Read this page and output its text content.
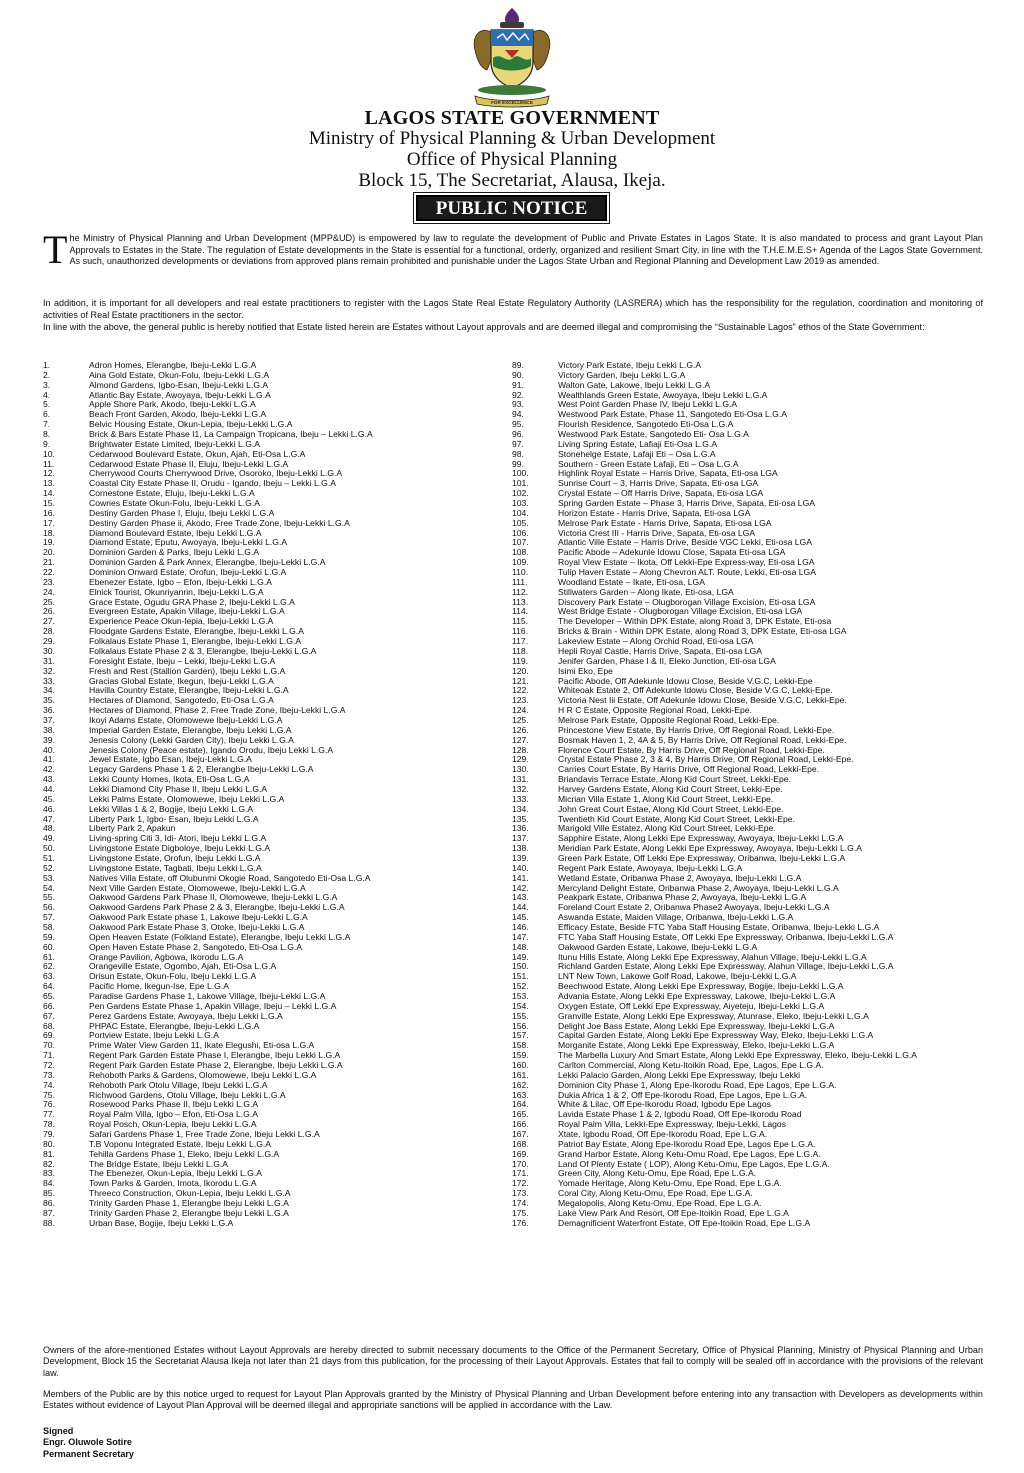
FOR EXCELLENCE
LAGOS STATE GOVERNMENT
Ministry of Physical Planning & Urban Development
Office of Physical Planning
Block 15, The Secretariat, Alausa, Ikeja.
PUBLIC NOTICE
The Ministry of Physical Planning and Urban Development (MPP&UD) is empowered by law to regulate the development of Public and Private Estates in Lagos State. It is also mandated to process and grant Layout Plan Approvals to Estates in the State. The regulation of Estate developments in the State is essential for a functional, orderly, organized and resilient Smart City, in line with the T.H.E.M.E.S+ Agenda of the Lagos State Government. As such, unauthorized developments or deviations from approved plans remain prohibited and punishable under the Lagos State Urban and Regional Planning and Development Law 2019 as amended.
In addition, it is important for all developers and real estate practitioners to register with the Lagos State Real Estate Regulatory Authority (LASRERA) which has the responsibility for the regulation, coordination and monitoring of activities of Real Estate practitioners in the sector.
In line with the above, the general public is hereby notified that Estate listed herein are Estates without Layout approvals and are deemed illegal and compromising the “Sustainable Lagos” ethos of the State Government:
1.	Adron Homes, Elerangbe, Ibeju-Lekki L.G.A
2.	Aina Gold Estate, Okun-Folu, Ibeju-Lekki L.G.A
3.	Almond Gardens, Igbo-Esan, Ibeju-Lekki L.G.A
4.	Atlantic Bay Estate, Awoyaya, Ibeju-Lekki L.G.A
5.	Apple Shore Park, Akodo, Ibeju-Lekki L.G.A
6.	Beach Front Garden, Akodo, Ibeju-Lekki L.G.A
7.	Belvic Housing Estate, Okun-Lepia, Ibeju-Lekki L.G.A
8.	Brick & Bars Estate Phase I1, La Campaign Tropicana, Ibeju – Lekki L.G.A
9.	Brightwater Estate Limited, Ibeju-Lekki L.G.A
10.	Cedarwood Boulevard Estate, Okun, Ajah, Eti-Osa L.G.A
11.	Cedarwood Estate Phase II, Eluju, Ibeju-Lekki L.G.A
12.	Cherrywood Courts Cherrywood Drive, Osoroko, Ibeju-Lekki L.G.A
13.	Coastal City Estate Phase II, Orudu - Igando, Ibeju – Lekki L.G.A
14.	Cornestone Estate, Eluju, Ibeju-Lekki L.G.A
15.	Cowries Estate Okun-Folu, Ibeju-Lekki L.G.A
16.	Destiny Garden Phase I, Eluju, Ibeju Lekki L.G.A
17.	Destiny Garden Phase ii, Akodo, Free Trade Zone, Ibeju-Lekki L.G.A
18.	Diamond Boulevard Estate, Ibeju Lekki L.G.A
19.	Diamond Estate, Eputu, Awoyaya, Ibeju-Lekki L.G.A
20.	Dominion Garden & Parks, Ibeju Lekki L.G.A
21.	Dominion Garden & Park Annex, Elerangbe, Ibeju-Lekki L.G.A
22.	Dominion Onward Estate, Orofun, Ibeju-Lekki L.G.A
23.	Ebenezer Estate, Igbo – Efon, Ibeju-Lekki L.G.A
24.	Elnick Tourist, Okunriyanrin, Ibeju-Lekki L.G.A
25.	Grace Estate, Ogudu GRA Phase 2, Ibeju-Lekki L.G.A
26.	Evergreen Estate, Apakin Village, Ibeju-Lekki L.G.A
27.	Experience Peace Okun-lepia, Ibeju-Lekki L.G.A
28.	Floodgate Gardens Estate, Elerangbe, Ibeju-Lekki L.G.A
29.	Folkalaus Estate Phase 1, Elerangbe, Ibeju-Lekki L.G.A
30.	Folkalaus Estate Phase 2 & 3, Elerangbe, Ibeju-Lekki L.G.A
31.	Foresight Estate, Ibeju – Lekki, Ibeju-Lekki L.G.A
32.	Fresh and Rest (Stallion Garden), Ibeju Lekki L.G.A
33.	Gracias Global Estate, Ikegun, Ibeju-Lekki L.G.A
34.	Havilla Country Estate, Elerangbe, Ibeju-Lekki L.G.A
35.	Hectares of Diamond, Sangotedo, Eti-Osa L.G.A
36.	Hectares of Diamond, Phase 2, Free Trade Zone, Ibeju-Lekki L.G.A
37.	Ikoyi Adams Estate, Olomowewe Ibeju-Lekki L.G.A
38.	Imperial Garden Estate, Elerangbe, Ibeju Lekki L.G.A
39.	Jenesis Colony (Lekki Garden City), Ibeju Lekki L.G.A
40.	Jenesis Colony (Peace estate), Igando Orodu, Ibeju Lekki L.G.A
41.	Jewel Estate, Igbo Esan, Ibeju-Lekki L.G.A
42.	Legacy Gardens Phase 1 & 2, Elerangbe Ibeju-Lekki L.G.A
43.	Lekki County Homes, Ikota, Eti-Osa L.G.A
44.	Lekki Diamond City Phase II, Ibeju Lekki L.G.A
45.	Lekki Palms Estate, Olomowewe, Ibeju Lekki L.G.A
46.	Lekki Villas 1 & 2, Bogije, Ibeju Lekki L.G.A
47.	Liberty Park 1, Igbo- Esan, Ibeju Lekki L.G.A
48.	Liberty Park 2, Apakun
49.	Living-spring Citi 3, Idi- Atori, Ibeju Lekki L.G.A
50.	Livingstone Estate Digboloye, Ibeju Lekki L.G.A
51.	Livingstone Estate, Orofun, Ibeju Lekki L.G.A
52.	Livingstone Estate, Tagbati, Ibeju Lekki L.G.A
53.	Natives Villa Estate, off Olubunmi Okogie Road, Sangotedo Eti-Osa L.G.A
54.	Next Ville Garden Estate, Olomowewe, Ibeju-Lekki L.G.A
55.	Oakwood Gardens Park Phase II, Olomowewe, Ibeju-Lekki L.G.A
56.	Oakwood Gardens Park Phase 2 & 3, Elerangbe, Ibeju-Lekki L.G.A
57.	Oakwood Park Estate phase 1, Lakowe Ibeju-Lekki L.G.A
58.	Oakwood Park Estate Phase 3, Otoke, Ibeju-Lekki L.G.A
59.	Open Heaven Estate (Folkland Estate), Elerangbe, Ibeju Lekki L.G.A
60.	Open Haven Estate Phase 2, Sangotedo, Eti-Osa L.G.A
61.	Orange Pavilion, Agbowa, Ikorodu L.G.A
62.	Orangeville Estate, Ogombo, Ajah, Eti-Osa L.G.A
63.	Orisun Estate, Okun-Folu, Ibeju Lekki L.G.A
64.	Pacific Home, Ikegun-Ise, Epe L.G.A
65.	Paradise Gardens Phase 1, Lakowe Village, Ibeju-Lekki L.G.A
66.	Pen Gardens Estate Phase 1, Apakin Village, Ibeju – Lekki L.G.A
67.	Perez Gardens Estate, Awoyaya, Ibeju Lekki L.G.A
68.	PHPAC Estate, Elerangbe, Ibeju-Lekki L.G.A
69.	Portview Estate, Ibeju Lekki L.G.A
70.	Prime Water View Garden 11, Ikate Elegushi, Eti-osa L.G.A
71.	Regent Park Garden Estate Phase I, Elerangbe, Ibeju Lekki L.G.A
72.	Regent Park Garden Estate Phase 2, Elerangbe, Ibeju Lekki L.G.A
73.	Rehoboth Parks & Gardens, Olomowewe, Ibeju Lekki L.G.A
74.	Rehoboth Park Otolu Village, Ibeju Lekki L.G.A
75.	Richwood Gardens, Otolu Village, Ibeju Lekki L.G.A
76.	Rosewood Parks Phase II, Ibeju Lekki L.G.A
77.	Royal Palm Villa, Igbo – Efon, Eti-Osa L.G.A
78.	Royal Posch, Okun-Lepia, Ibeju Lekki L.G.A
79.	Safari Gardens Phase 1, Free Trade Zone, Ibeju Lekki L.G.A
80.	T.B Voponu Integrated Estate, Ibeju Lekki L.G.A
81.	Tehilla Gardens Phase 1, Eleko, Ibeju Lekki L.G.A
82.	The Bridge Estate, Ibeju Lekki L.G.A
83.	The Ebenezer, Okun-Lepia, Ibeju Lekki L.G.A
84.	Town Parks & Garden, Imota, Ikorodu L.G.A
85.	Threeco Construction, Okun-Lepia, Ibeju Lekki L.G.A
86.	Trinity Garden Phase 1, Elerangbe Ibeju Lekki L.G.A
87.	Trinity Garden Phase 2, Elerangbe Ibeju Lekki L.G.A
88.	Urban Base, Bogije, Ibeju Lekki L.G.A
89.	Victory Park Estate, Ibeju Lekki L.G.A
90.	Victory Garden, Ibeju Lekki L.G.A
91.	Walton Gate, Lakowe, Ibeju Lekki L.G.A
92.	Wealthlands Green Estate, Awoyaya, Ibeju Lekki L.G.A
93.	West Point Garden Phase IV, Ibeju Lekki L.G.A
94.	Westwood Park Estate, Phase 11, Sangotedo Eti-Osa L.G.A
95.	Flourish Residence, Sangotedo Eti-Osa L.G.A
96.	Westwood Park Estate, Sangotedo Eti- Osa L.G.A
97.	Living Spring Estate, Lafiaji Eti-Osa L.G.A
98.	Stonehelge Estate, Lafaji Eti – Osa L.G.A
99.	Southern - Green Estate Lafaji, Eti – Osa L.G.A
100.	Highlink Royal Estate – Harris Drive, Sapata, Eti-osa LGA
101.	Sunrise Court – 3, Harris Drive, Sapata, Eti-osa LGA
102.	Crystal Estate – Off Harris Drive, Sapata, Eti-osa LGA
103.	Spring Garden Estate – Phase 3, Harris Drive, Sapata, Eti-osa LGA
104.	Horizon Estate - Harris Drive, Sapata, Eti-osa LGA
105.	Melrose Park Estate - Harris Drive, Sapata, Eti-osa LGA
106.	Victoria Crest III - Harris Drive, Sapata, Eti-osa LGA
107.	Atlantic Ville Estate – Harris Drive, Beside VGC Lekki, Eti-osa LGA
108.	Pacific Abode – Adekunle Idowu Close, Sapata Eti-osa LGA
109.	Royal View Estate – Ikota, Off Lekki-Epe Express-way, Eti-osa LGA
110.	Tulip Haven Estate – Along Chevron ALT. Route, Lekki, Eti-osa LGA
111.	Woodland Estate – Ikate, Eti-osa, LGA
112.	Stillwaters Garden – Along Ikate, Eti-osa, LGA
113.	Discovery Park Estate – Olugborogan Village Excision, Eti-osa LGA
114.	West Bridge Estate - Olugborogan Village Excision, Eti-osa LGA
115.	The Developer – Within DPK Estate, along Road 3, DPK Estate, Eti-osa
116.	Bricks & Brain - Within DPK Estate, along Road 3, DPK Estate, Eti-osa LGA
117.	Lakeview Estate – Along Orchid Road, Eti-osa LGA
118.	Hepli Royal Castle, Harris Drive, Sapata, Eti-osa LGA
119.	Jenifer Garden, Phase I & II, Eleko Junction, Eti-osa LGA
120.	Isimi Eko, Epe
121.	Pacific Abode, Off Adekunle Idowu Close, Beside V.G.C, Lekki-Epe
122.	Whiteoak Estate 2, Off Adekunle Idowu Close, Beside V.G.C, Lekki-Epe.
123.	Victoria Nest Iii Estate, Off Adekunle Idowu Close, Beside V.G.C, Lekki-Epe.
124.	H R C Estate, Opposite Regional Road, Lekki-Epe.
125.	Melrose Park Estate, Opposite Regional Road, Lekki-Epe.
126.	Princestone View Estate, By Harris Drive, Off Regional Road, Lekki-Epe.
127.	Bosmak Haven 1, 2, 4A & 5, By Harris Drive, Off Regional Road, Lekki-Epe.
128.	Florence Court Estate, By Harris Drive, Off Regional Road, Lekki-Epe.
129.	Crystal Estate Phase 2, 3 & 4, By Harris Drive, Off Regional Road, Lekki-Epe.
130.	Carries Court Estate, By Harris Drive, Off Regional Road, Lekki-Epe.
131.	Briandavis Terrace Estate, Along Kid Court Street, Lekki-Epe.
132.	Harvey Gardens Estate, Along Kid Court Street, Lekki-Epe.
133.	Micrian Villa Estate 1, Along Kid Court Street, Lekki-Epe.
134.	John Great Court Estae, Along Kid Court Street, Lekki-Epe.
135.	Twentieth Kid Court Estate, Along Kid Court Street, Lekki-Epe.
136.	Marigold Ville Estatez, Along Kid Court Street, Lekki-Epe.
137.	Sapphire Estate, Along Lekki Epe Expressway, Awoyaya, Ibeju-Lekki L.G.A
138.	Meridian Park Estate, Along Lekki Epe Expressway, Awoyaya, Ibeju-Lekki L.G.A
139.	Green Park Estate, Off Lekki Epe Expressway, Oribanwa, Ibeju-Lekki L.G.A
140.	Regent Park Estate, Awoyaya, Ibeju-Lekki L.G.A
141.	Wetland Estate, Oribanwa Phase 2, Awoyaya, Ibeju-Lekki L.G.A
142.	Mercyland Delight Estate, Oribanwa Phase 2, Awoyaya, Ibeju-Lekki L.G.A
143.	Peakpark Estate, Oribanwa Phase 2, Awoyaya, Ibeju-Lekki L.G.A
144.	Foreland Court Estate 2, Oribanwa Phase2 Awoyaya, Ibeju-Lekki L.G.A
145.	Aswanda Estate, Maiden Village, Oribanwa, Ibeju-Lekki L.G.A
146.	Efficacy Estate, Beside FTC Yaba Staff Housing Estate, Oribanwa, Ibeju-Lekki L.G.A
147.	FTC Yaba Staff Housing Estate, Off Lekki Epe Expressway, Oribanwa, Ibeju-Lekki L.G.A
148.	Oakwood Garden Estate, Lakowe, Ibeju-Lekki L.G.A
149.	Itunu Hills Estate, Along Lekki Epe Expressway, Alahun Village, Ibeju-Lekki L.G.A
150.	Richland Garden Estate, Along Lekki Epe Expressway, Alahun Village, Ibeju-Lekki L.G.A
151.	LNT New Town, Lakowe Golf Road, Lakowe, Ibeju-Lekki L.G.A
152.	Beechwood Estate, Along Lekki Epe Expressway, Bogije, Ibeju-Lekki L.G.A
153.	Advania Estate, Along Lekki Epe Expressway, Lakowe, Ibeju-Lekki L.G.A
154.	Oxygen Estate, Off Lekki Epe Expressway, Aiyeteju, Ibeju-Lekki L.G.A
155.	Granville Estate, Along Lekki Epe Expressway, Atunrase, Eleko, Ibeju-Lekki L.G.A
156.	Delight Joe Bass Estate, Along Lekki Epe Expressway, Ibeju-Lekki L.G.A
157.	Capital Garden Estate, Along Lekki Epe Expressway Way, Eleko, Ibeju-Lekki L.G.A
158.	Morganite Estate, Along Lekki Epe Expressway, Eleko, Ibeju-Lekki L.G.A
159.	The Marbella Luxury And Smart Estate, Along Lekki Epe Expressway, Eleko, Ibeju-Lekki L.G.A
160.	Carlton Commercial, Along Ketu-Itoikin Road, Epe, Lagos, Epe L.G.A.
161.	Lekki Palacio Garden, Along Lekki Epe Expressway, Ibeju Lekki
162.	Dominion City Phase 1, Along Epe-Ikorodu Road, Epe Lagos, Epe L.G.A.
163.	Dukia Africa 1 & 2, Off Epe-Ikorodu Road, Epe Lagos, Epe L.G.A.
164.	White & Lilac, Off Epe-Ikorodu Road, Igbodu Epe Lagos
165.	Lavida Estate Phase 1 & 2, Igbodu Road, Off Epe-Ikorodu Road
166.	Royal Palm Villa, Lekki-Epe Expressway, Ibeju-Lekki, Lagos
167.	Xtate, Igbodu Road, Off Epe-Ikorodu Road, Epe L.G.A.
168.	Patriot Bay Estate, Along Epe-Ikorodu Road Epe, Lagos Epe L.G.A.
169.	Grand Harbor Estate, Along Ketu-Omu Road, Epe Lagos, Epe L.G.A.
170.	Land Of Plenty Estate ( LOP), Along Ketu-Omu, Epe Lagos, Epe L.G.A.
171.	Green City, Along Ketu-Omu, Epe Road, Epe L.G.A.
172.	Yomade Heritage, Along Ketu-Omu, Epe Road, Epe L.G.A.
173.	Coral City, Along Ketu-Omu, Epe Road, Epe L.G.A.
174.	Megalopolis, Along Ketu-Omu, Epe Road, Epe L.G.A.
175.	Lake View Park And Resort, Off Epe-Itoikin Road, Epe L.G.A
176.	Demagnificient Waterfront Estate, Off Epe-Itoikin Road, Epe L.G.A
Owners of the afore-mentioned Estates without Layout Approvals are hereby directed to submit necessary documents to the Office of the Permanent Secretary, Office of Physical Planning, Ministry of Physical Planning and Urban Development, Block 15 the Secretariat Alausa Ikeja not later than 21 days from this publication, for the processing of their Layout Approvals. Estates that fail to comply will be sealed off in accordance with the provisions of the relevant law.
Members of the Public are by this notice urged to request for Layout Plan Approvals granted by the Ministry of Physical Planning and Urban Development before entering into any transaction with Developers as developments within Estates without evidence of Layout Plan Approval will be deemed illegal and appropriate sanctions will be applied in accordance with the Law.
Signed
Engr. Oluwole Sotire
Permanent Secretary
